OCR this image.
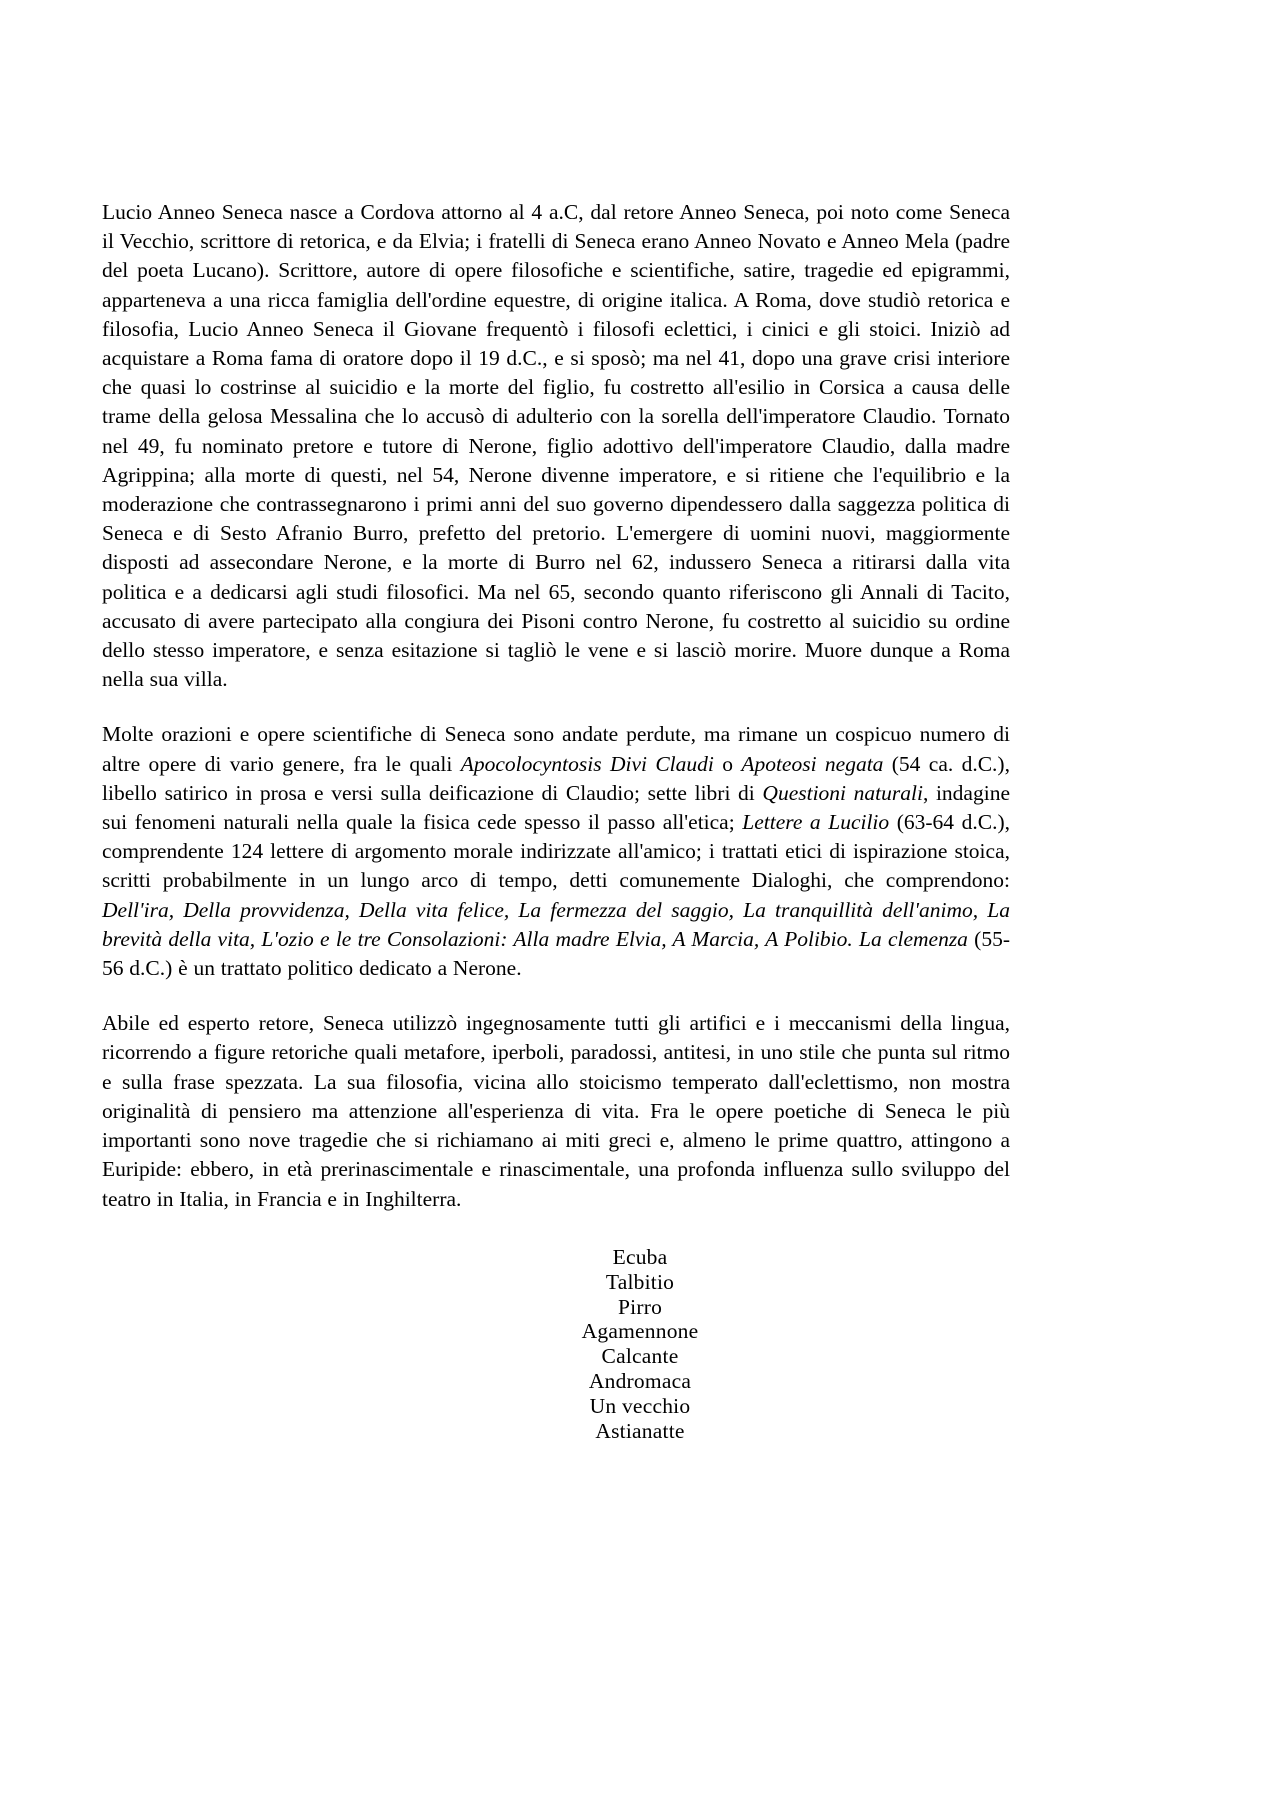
Lucio Anneo Seneca nasce a Cordova attorno al 4 a.C, dal retore Anneo Seneca, poi noto come Seneca il Vecchio, scrittore di retorica, e da Elvia; i fratelli di Seneca erano Anneo Novato e Anneo Mela (padre del poeta Lucano). Scrittore, autore di opere filosofiche e scientifiche, satire, tragedie ed epigrammi, apparteneva a una ricca famiglia dell'ordine equestre, di origine italica. A Roma, dove studiò retorica e filosofia, Lucio Anneo Seneca il Giovane frequentò i filosofi eclettici, i cinici e gli stoici. Iniziò ad acquistare a Roma fama di oratore dopo il 19 d.C., e si sposò; ma nel 41, dopo una grave crisi interiore che quasi lo costrinse al suicidio e la morte del figlio, fu costretto all'esilio in Corsica a causa delle trame della gelosa Messalina che lo accusò di adulterio con la sorella dell'imperatore Claudio. Tornato nel 49, fu nominato pretore e tutore di Nerone, figlio adottivo dell'imperatore Claudio, dalla madre Agrippina; alla morte di questi, nel 54, Nerone divenne imperatore, e si ritiene che l'equilibrio e la moderazione che contrassegnarono i primi anni del suo governo dipendessero dalla saggezza politica di Seneca e di Sesto Afranio Burro, prefetto del pretorio. L'emergere di uomini nuovi, maggiormente disposti ad assecondare Nerone, e la morte di Burro nel 62, indussero Seneca a ritirarsi dalla vita politica e a dedicarsi agli studi filosofici. Ma nel 65, secondo quanto riferiscono gli Annali di Tacito, accusato di avere partecipato alla congiura dei Pisoni contro Nerone, fu costretto al suicidio su ordine dello stesso imperatore, e senza esitazione si tagliò le vene e si lasciò morire. Muore dunque a Roma nella sua villa.

Molte orazioni e opere scientifiche di Seneca sono andate perdute, ma rimane un cospicuo numero di altre opere di vario genere, fra le quali Apocolocyntosis Divi Claudi o Apoteosi negata (54 ca. d.C.), libello satirico in prosa e versi sulla deificazione di Claudio; sette libri di Questioni naturali, indagine sui fenomeni naturali nella quale la fisica cede spesso il passo all'etica; Lettere a Lucilio (63-64 d.C.), comprendente 124 lettere di argomento morale indirizzate all'amico; i trattati etici di ispirazione stoica, scritti probabilmente in un lungo arco di tempo, detti comunemente Dialoghi, che comprendono: Dell'ira, Della provvidenza, Della vita felice, La fermezza del saggio, La tranquillità dell'animo, La brevità della vita, L'ozio e le tre Consolazioni: Alla madre Elvia, A Marcia, A Polibio. La clemenza (55-56 d.C.) è un trattato politico dedicato a Nerone.

Abile ed esperto retore, Seneca utilizzò ingegnosamente tutti gli artifici e i meccanismi della lingua, ricorrendo a figure retoriche quali metafore, iperboli, paradossi, antitesi, in uno stile che punta sul ritmo e sulla frase spezzata. La sua filosofia, vicina allo stoicismo temperato dall'eclettismo, non mostra originalità di pensiero ma attenzione all'esperienza di vita. Fra le opere poetiche di Seneca le più importanti sono nove tragedie che si richiamano ai miti greci e, almeno le prime quattro, attingono a Euripide: ebbero, in età prerinascimentale e rinascimentale, una profonda influenza sullo sviluppo del teatro in Italia, in Francia e in Inghilterra.

Ecuba
Talbitio
Pirro
Agamennone
Calcante
Andromaca
Un vecchio
Astianatte
